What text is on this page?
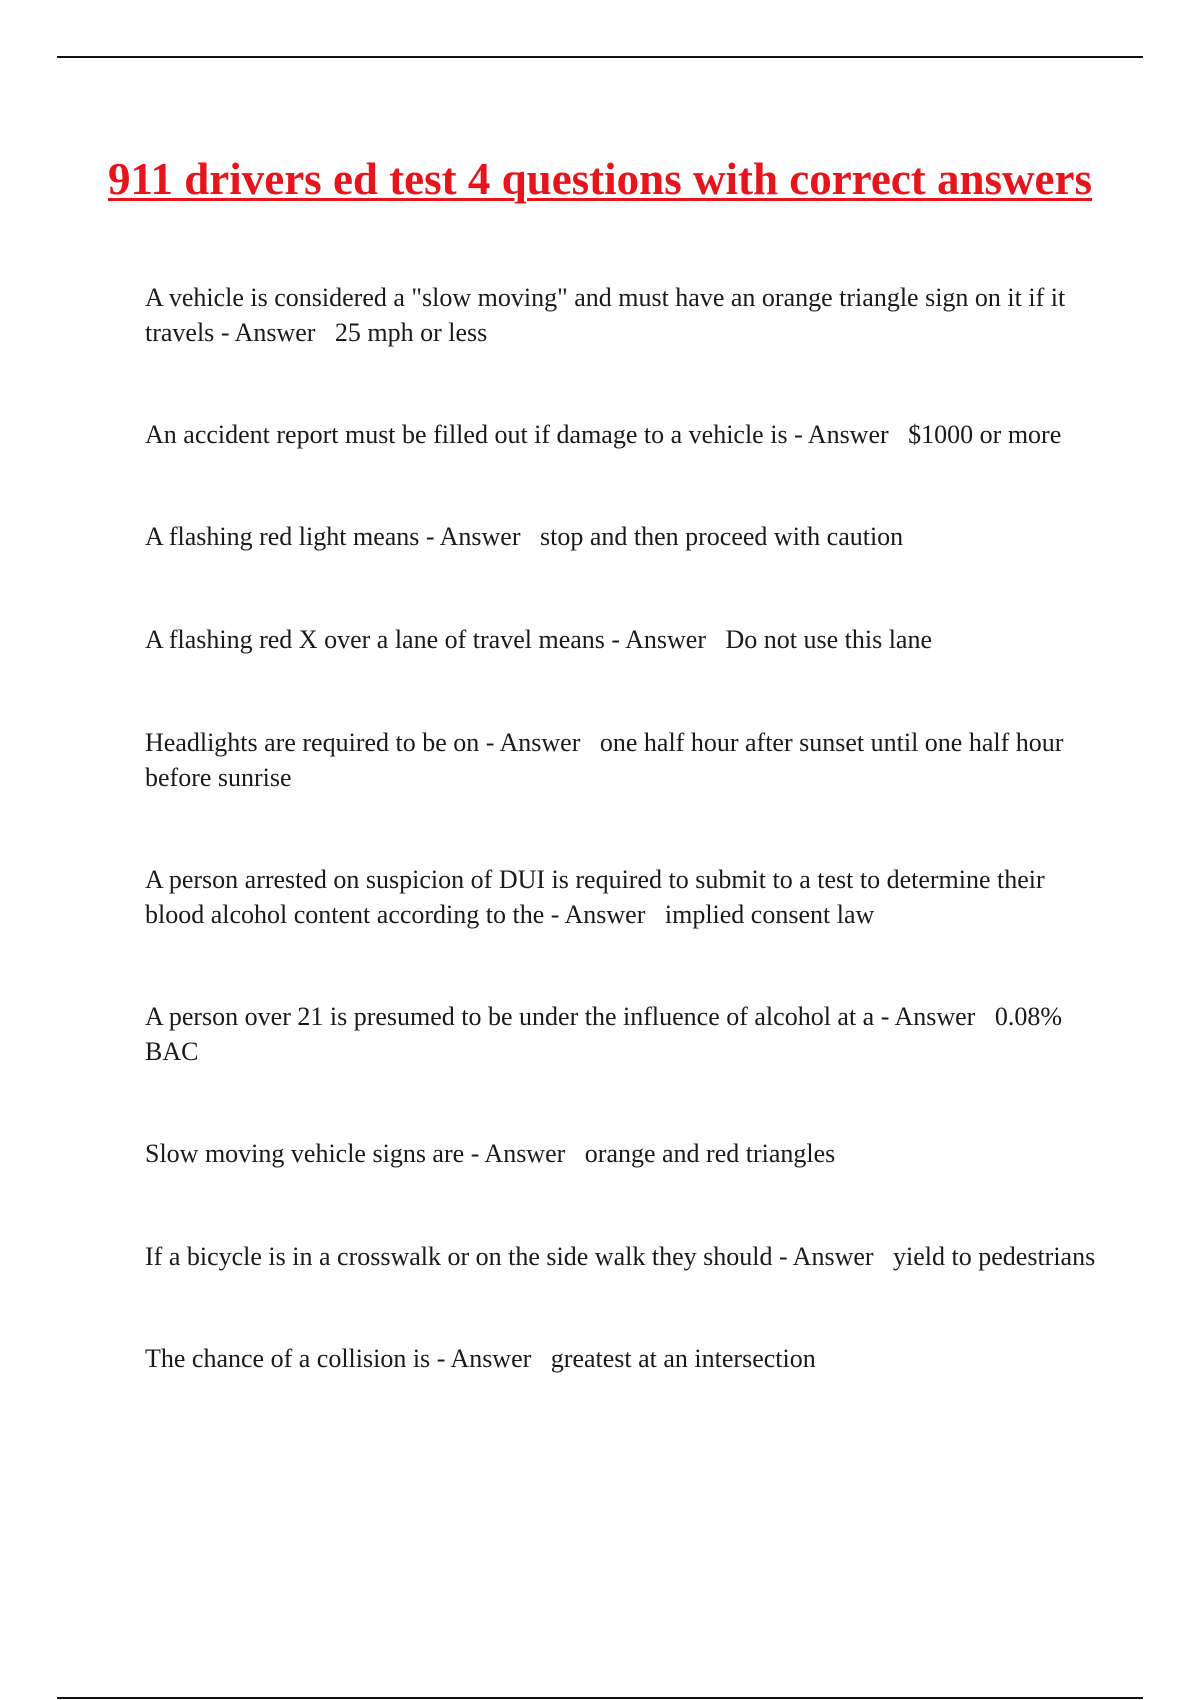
911 drivers ed test 4 questions with correct answers

A vehicle is considered a "slow moving" and must have an orange triangle sign on it if it travels - Answer   25 mph or less

An accident report must be filled out if damage to a vehicle is - Answer   $1000 or more

A flashing red light means - Answer   stop and then proceed with caution

A flashing red X over a lane of travel means - Answer   Do not use this lane

Headlights are required to be on - Answer   one half hour after sunset until one half hour before sunrise

A person arrested on suspicion of DUI is required to submit to a test to determine their blood alcohol content according to the - Answer   implied consent law

A person over 21 is presumed to be under the influence of alcohol at a - Answer   0.08% BAC

Slow moving vehicle signs are - Answer   orange and red triangles

If a bicycle is in a crosswalk or on the side walk they should - Answer   yield to pedestrians

The chance of a collision is - Answer   greatest at an intersection
